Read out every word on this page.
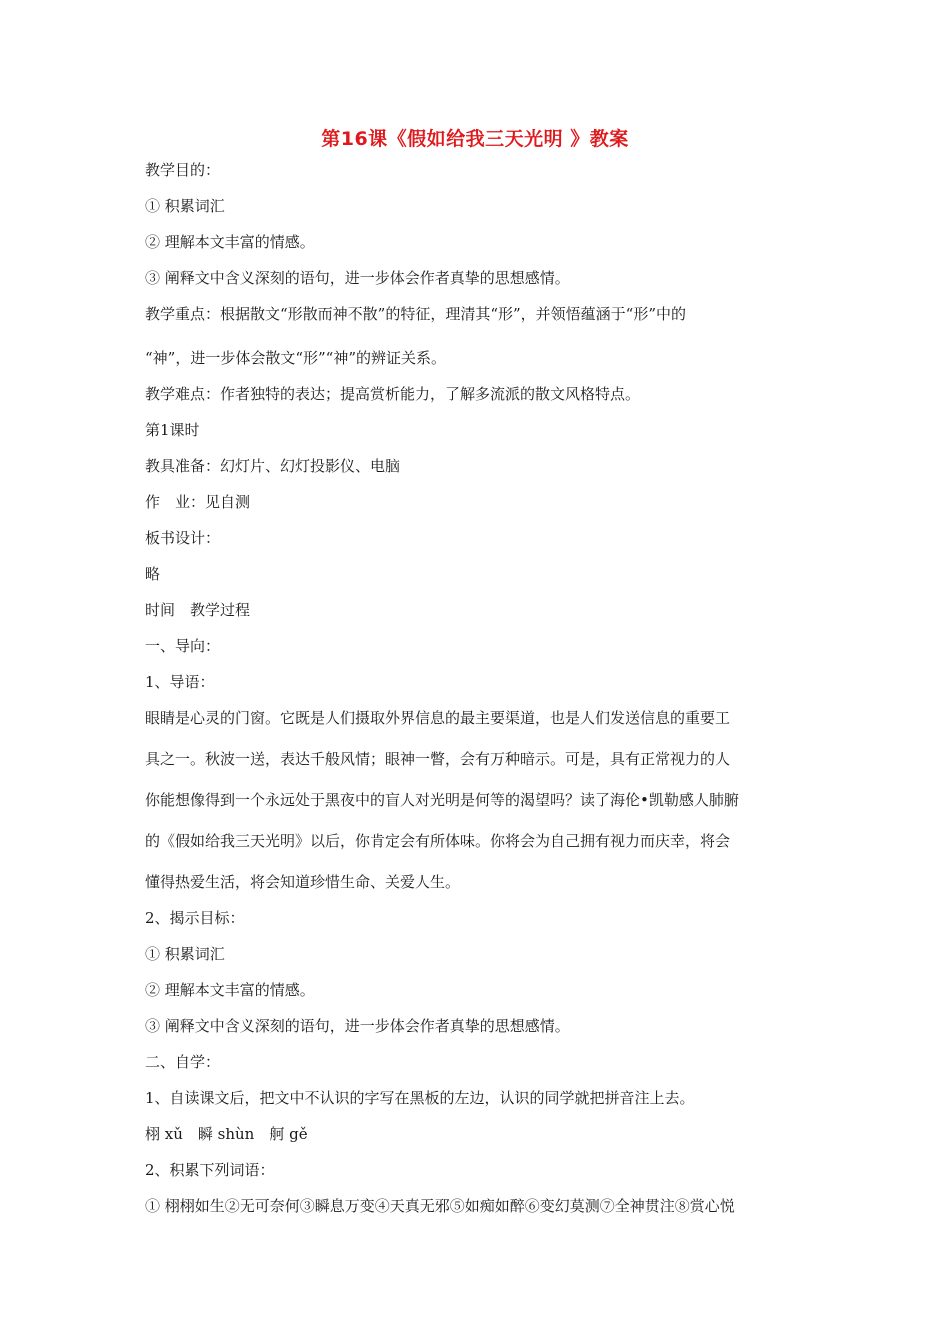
第16课《假如给我三天光明 》教案
教学目的：
① 积累词汇
② 理解本文丰富的情感。
③ 阐释文中含义深刻的语句，进一步体会作者真挚的思想感情。
教学重点：根据散文“形散而神不散”的特征，理清其“形”，并领悟蕴涵于“形”中的
“神”，进一步体会散文“形”“神”的辨证关系。
教学难点：作者独特的表达；提高赏析能力，了解多流派的散文风格特点。
第1课时
教具准备：幻灯片、幻灯投影仪、电脑
作　业：见自测
板书设计：
略
时间　教学过程
一、导向：
1、导语：
眼睛是心灵的门窗。它既是人们摄取外界信息的最主要渠道，也是人们发送信息的重要工
具之一。秋波一送，表达千般风情；眼神一瞥，会有万种暗示。可是，具有正常视力的人
你能想像得到一个永远处于黑夜中的盲人对光明是何等的渴望吗？读了海伦•凯勒感人肺腑
的《假如给我三天光明》以后，你肯定会有所体味。你将会为自己拥有视力而庆幸，将会
懂得热爱生活，将会知道珍惜生命、关爱人生。
2、揭示目标：
① 积累词汇
② 理解本文丰富的情感。
③ 阐释文中含义深刻的语句，进一步体会作者真挚的思想感情。
二、自学：
1、自读课文后，把文中不认识的字写在黑板的左边，认识的同学就把拼音注上去。
栩 xǔ　瞬 shùn　舸 gě
2、积累下列词语：
① 栩栩如生②无可奈何③瞬息万变④天真无邪⑤如痴如醉⑥变幻莫测⑦全神贯注⑧赏心悦
